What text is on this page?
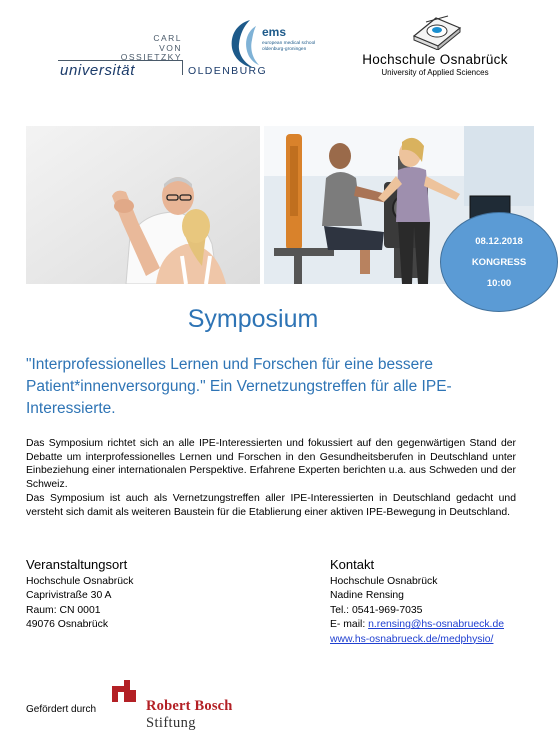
CARL
VON
OSSIETZKY
universität	OLDENBURG
ems
european medical school
oldenburg-groningen
Hochschule Osnabrück
University of Applied Sciences
08.12.2018
KONGRESS
10:00
Symposium
"Interprofessionelles Lernen und Forschen für eine bessere Patient*innenversorgung." Ein Vernetzungstreffen für alle IPE-Interessierte.

Das Symposium richtet sich an alle IPE-Interessierten und fokussiert auf den gegenwärtigen Stand der Debatte um interprofessionelles Lernen und Forschen in den Gesundheitsberufen in Deutschland unter Einbeziehung einer internationalen Perspektive. Erfahrene Experten berichten u.a. aus Schweden und der Schweiz.

Das Symposium ist auch als Vernetzungstreffen aller IPE-Interessierten in Deutschland gedacht und versteht sich damit als weiteren Baustein für die Etablierung einer aktiven IPE-Bewegung in Deutschland.

Veranstaltungsort
Hochschule Osnabrück
Caprivistraße 30 A
Raum: CN 0001
49076 Osnabrück
Kontakt
Hochschule Osnabrück
Nadine Rensing
Tel.: 0541-969-7035
E- mail: n.rensing@hs-osnabrueck.de
www.hs-osnabrueck.de/medphysio/
Gefördert durch	Robert Bosch
Stiftung
